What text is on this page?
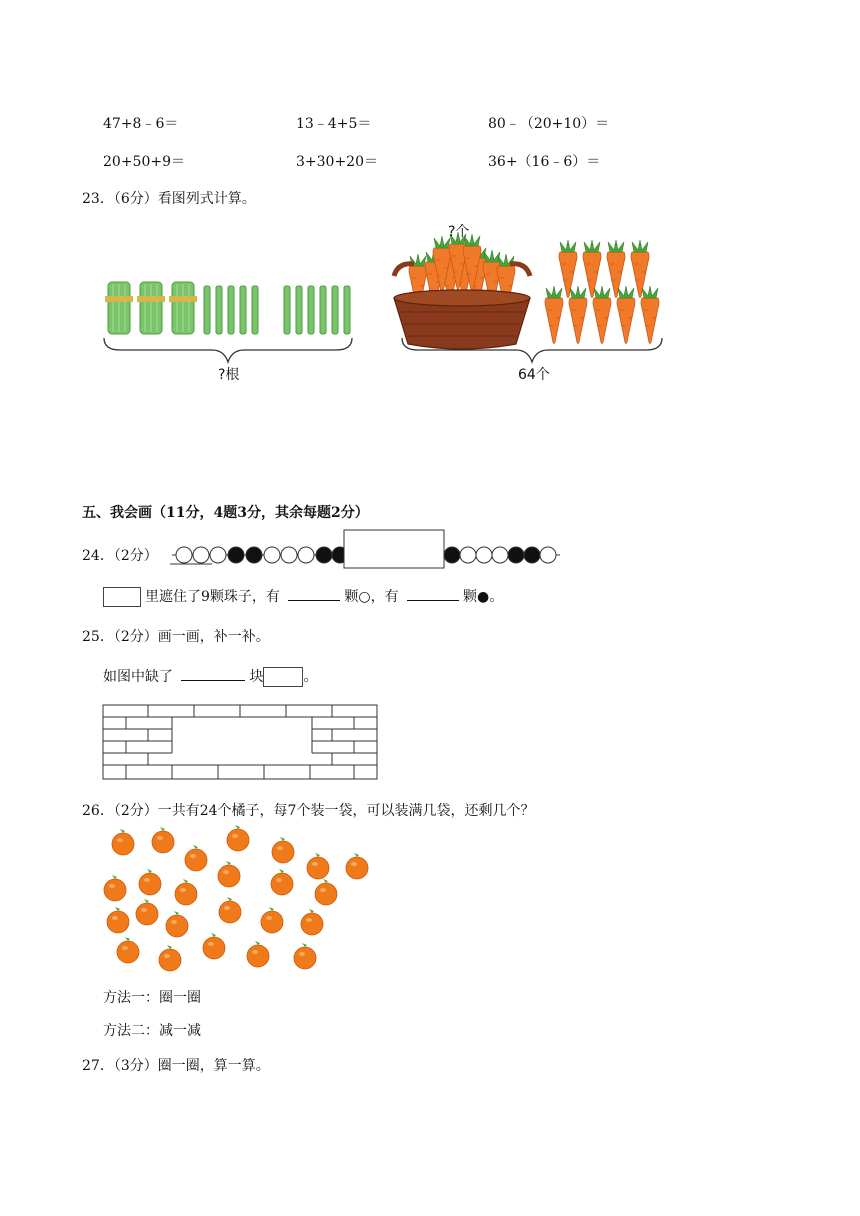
47+8﹣6＝	13﹣4+5＝	80﹣（20+10）＝
20+50+9＝	3+30+20＝	36+（16﹣6）＝
23．（6分）看图列式计算。
?根
?个
64个
五、我会画（11分，4题3分，其余每题2分）
24．（2分）
里遮住了9颗珠子，有	颗○，有	颗●。
25．（2分）画一画，补一补。
如图中缺了	块	。
26．（2分）一共有24个橘子，每7个装一袋，可以装满几袋，还剩几个？
方法一：圈一圈
方法二：减一减
27．（3分）圈一圈，算一算。
